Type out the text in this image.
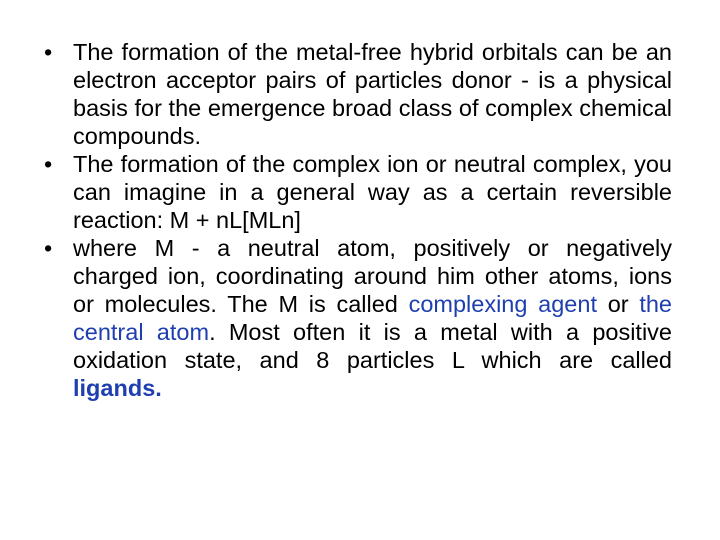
• The formation of the metal-free hybrid orbitals can be an electron acceptor pairs of particles donor - is a physical basis for the emergence broad class of complex chemical compounds.
• The formation of the complex ion or neutral complex, you can imagine in a general way as a certain reversible reaction: M + nL[MLn]
• where M - a neutral atom, positively or negatively charged ion, coordinating around him other atoms, ions or molecules. The M is called complexing agent or the central atom. Most often it is a metal with a positive oxidation state, and 8 particles L which are called ligands.
